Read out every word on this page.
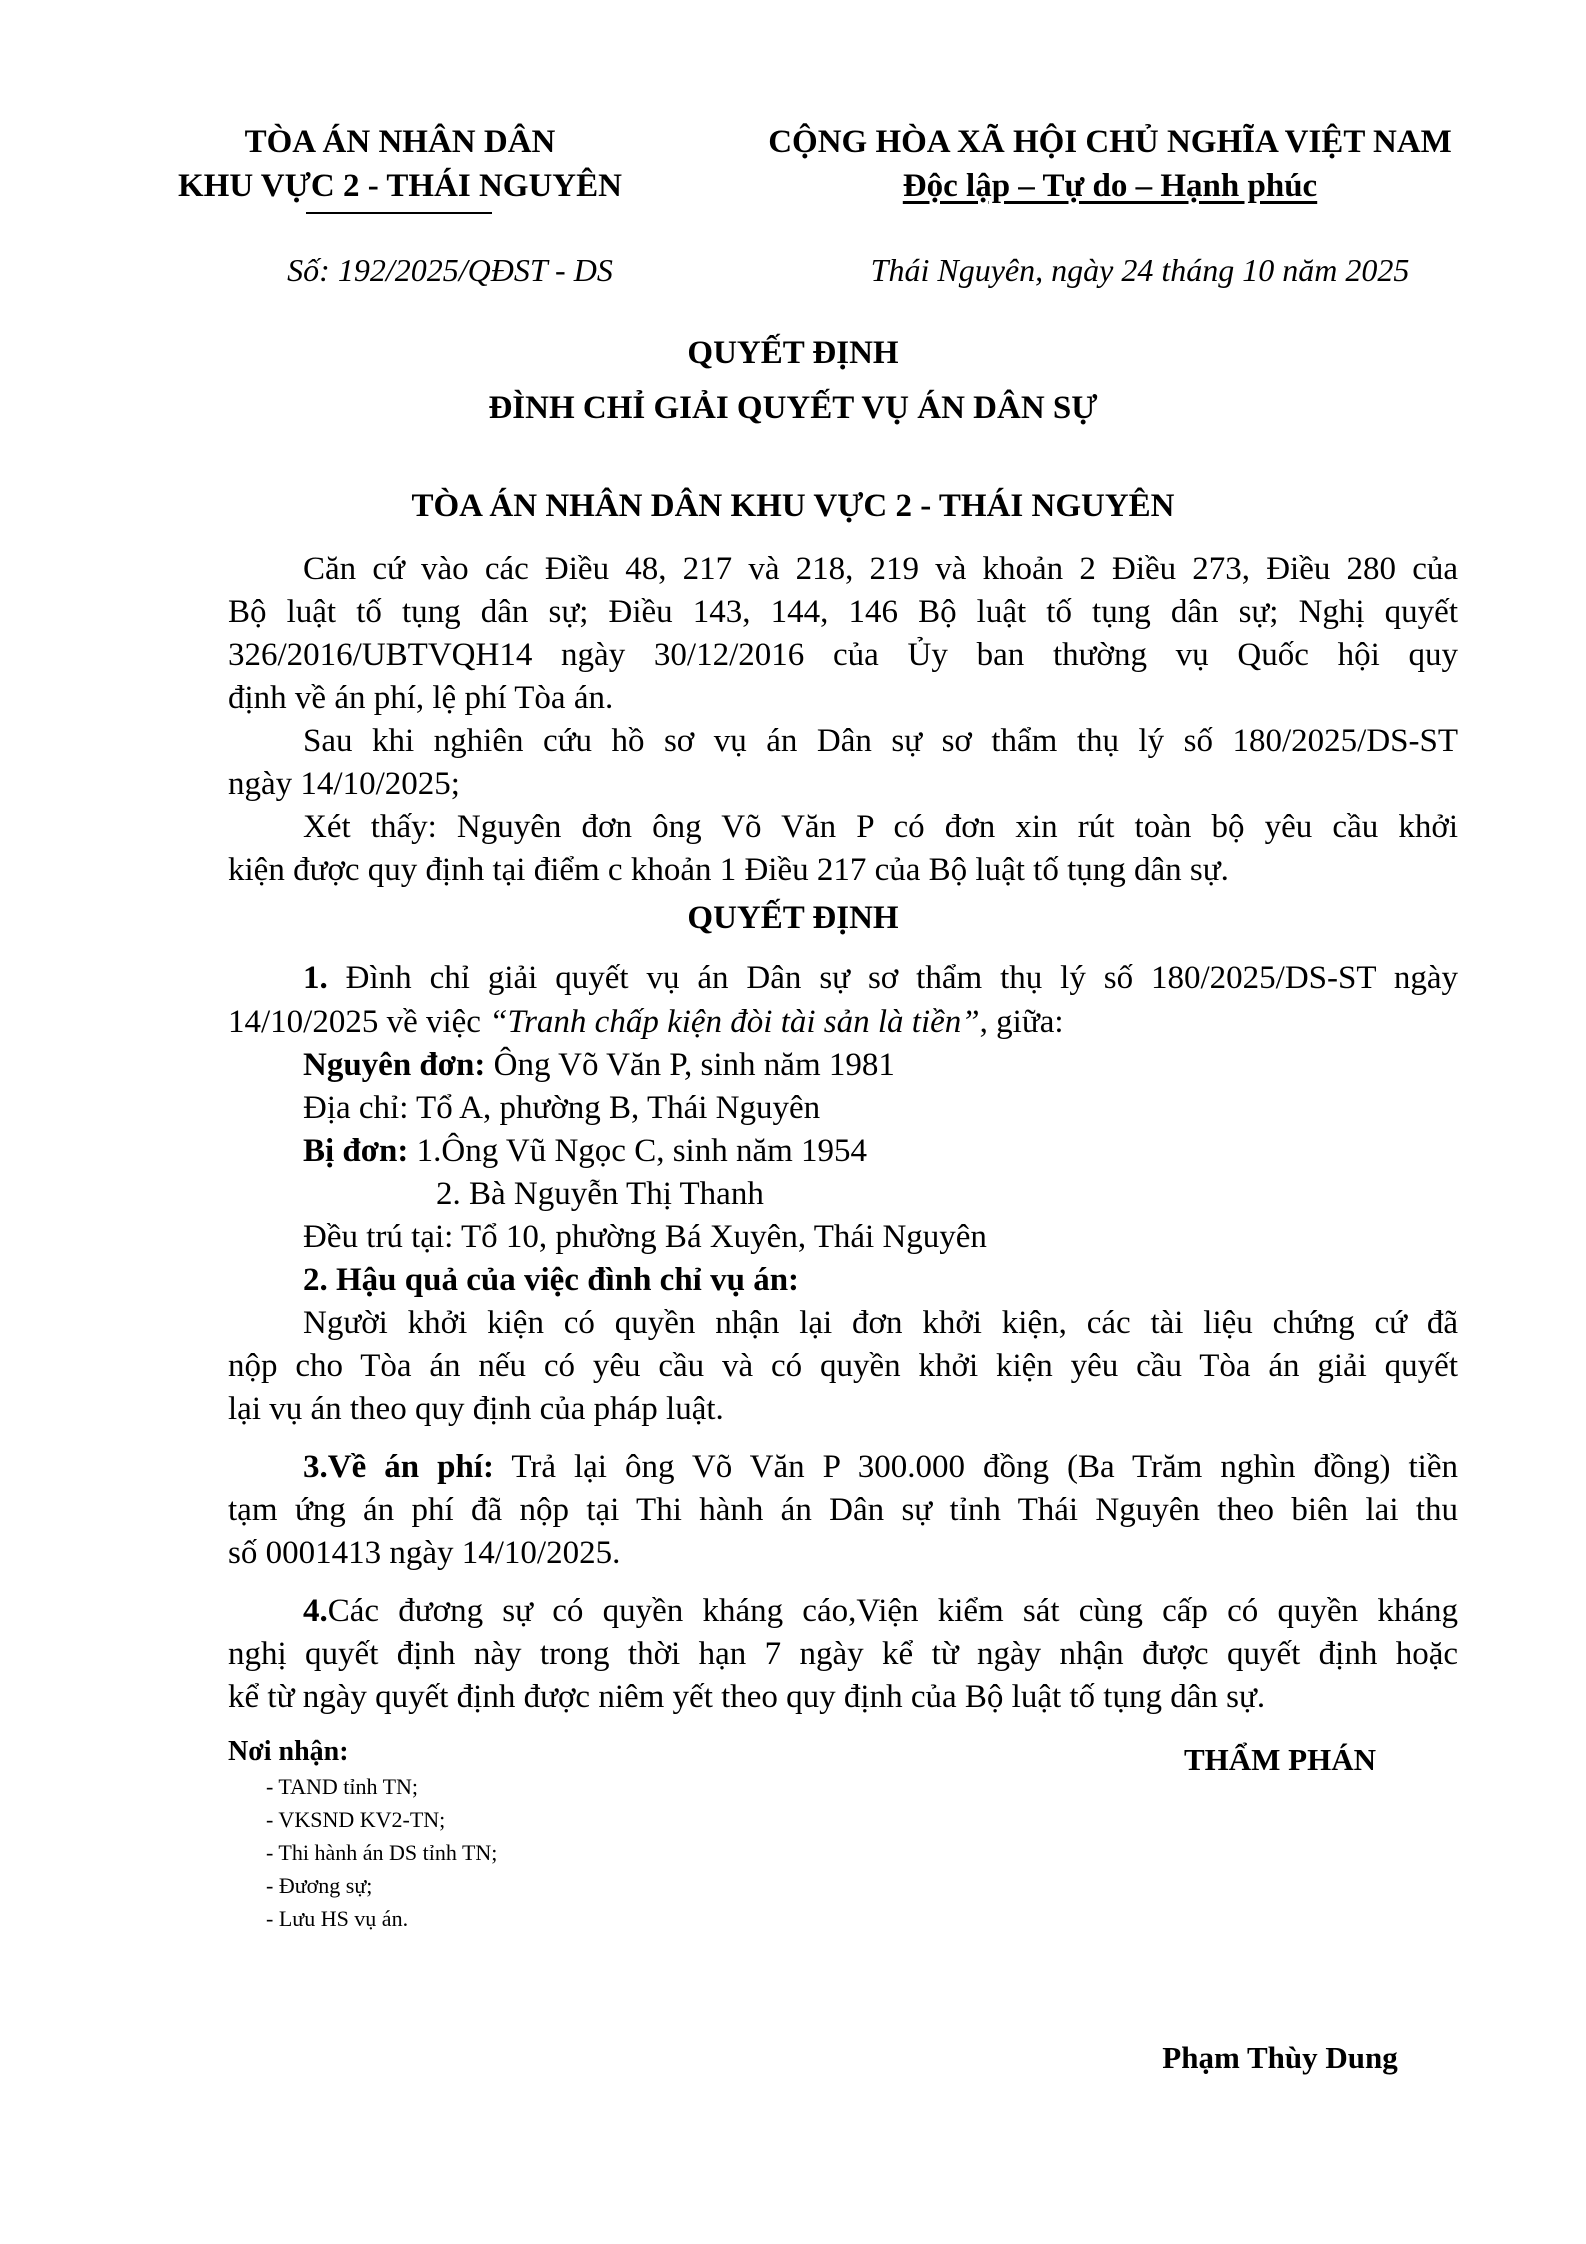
TÒA ÁN NHÂN DÂN
KHU VỰC 2 - THÁI NGUYÊN
CỘNG HÒA XÃ HỘI CHỦ NGHĨA VIỆT NAM
Độc lập – Tự do – Hạnh phúc
Số: 192/2025/QĐST - DS	Thái Nguyên, ngày 24 tháng 10 năm 2025
QUYẾT ĐỊNH
ĐÌNH CHỈ GIẢI QUYẾT VỤ ÁN DÂN SỰ
TÒA ÁN NHÂN DÂN KHU VỰC 2 - THÁI NGUYÊN
Căn cứ vào các Điều 48, 217 và 218, 219 và khoản 2 Điều 273, Điều 280 của
Bộ luật tố tụng dân sự; Điều 143, 144, 146 Bộ luật tố tụng dân sự; Nghị quyết
326/2016/UBTVQH14 ngày 30/12/2016 của Ủy ban thường vụ Quốc hội quy
định về án phí, lệ phí Tòa án.
Sau khi nghiên cứu hồ sơ vụ án Dân sự sơ thẩm thụ lý số 180/2025/DS-ST
ngày 14/10/2025;
Xét thấy: Nguyên đơn ông Võ Văn P có đơn xin rút toàn bộ yêu cầu khởi
kiện được quy định tại điểm c khoản 1 Điều 217 của Bộ luật tố tụng dân sự.
QUYẾT ĐỊNH
1. Đình chỉ giải quyết vụ án Dân sự sơ thẩm thụ lý số 180/2025/DS-ST ngày
14/10/2025 về việc “Tranh chấp kiện đòi tài sản là tiền”, giữa:
Nguyên đơn: Ông Võ Văn P, sinh năm 1981
Địa chỉ: Tổ A, phường B, Thái Nguyên
Bị đơn: 1.Ông Vũ Ngọc C, sinh năm 1954
2. Bà Nguyễn Thị Thanh
Đều trú tại: Tổ 10, phường Bá Xuyên, Thái Nguyên
2. Hậu quả của việc đình chỉ vụ án:
Người khởi kiện có quyền nhận lại đơn khởi kiện, các tài liệu chứng cứ đã
nộp cho Tòa án nếu có yêu cầu và có quyền khởi kiện yêu cầu Tòa án giải quyết
lại vụ án theo quy định của pháp luật.
3.Về án phí: Trả lại ông Võ Văn P 300.000 đồng (Ba Trăm nghìn đồng) tiền
tạm ứng án phí đã nộp tại Thi hành án Dân sự tỉnh Thái Nguyên theo biên lai thu
số 0001413 ngày 14/10/2025.
4.Các đương sự có quyền kháng cáo,Viện kiểm sát cùng cấp có quyền kháng
nghị quyết định này trong thời hạn 7 ngày kể từ ngày nhận được quyết định hoặc
kể từ ngày quyết định được niêm yết theo quy định của Bộ luật tố tụng dân sự.
Nơi nhận:
- TAND tỉnh TN;
- VKSND KV2-TN;
- Thi hành án DS tỉnh TN;
- Đương sự;
- Lưu HS vụ án.
THẨM PHÁN
Phạm Thùy Dung
